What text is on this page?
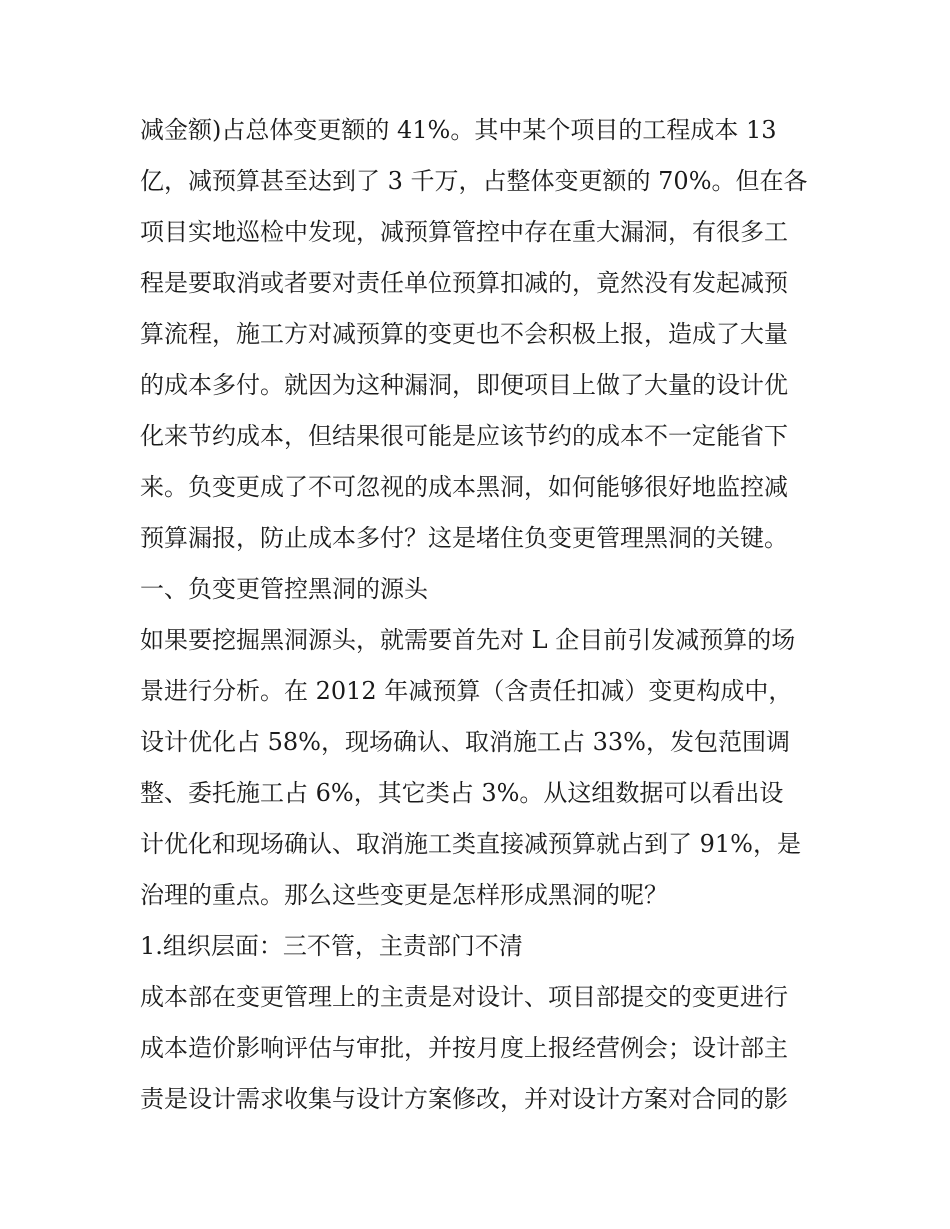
减金额)占总体变更额的 41%。其中某个项目的工程成本 13
亿，减预算甚至达到了 3 千万，占整体变更额的 70%。但在各
项目实地巡检中发现，减预算管控中存在重大漏洞，有很多工
程是要取消或者要对责任单位预算扣减的，竟然没有发起减预
算流程，施工方对减预算的变更也不会积极上报，造成了大量
的成本多付。就因为这种漏洞，即便项目上做了大量的设计优
化来节约成本，但结果很可能是应该节约的成本不一定能省下
来。负变更成了不可忽视的成本黑洞，如何能够很好地监控减
预算漏报，防止成本多付？这是堵住负变更管理黑洞的关键。
一、负变更管控黑洞的源头
如果要挖掘黑洞源头，就需要首先对 L 企目前引发减预算的场
景进行分析。在 2012 年减预算（含责任扣减）变更构成中，
设计优化占 58%，现场确认、取消施工占 33%，发包范围调
整、委托施工占 6%，其它类占 3%。从这组数据可以看出设
计优化和现场确认、取消施工类直接减预算就占到了 91%，是
治理的重点。那么这些变更是怎样形成黑洞的呢？
1.组织层面：三不管，主责部门不清
成本部在变更管理上的主责是对设计、项目部提交的变更进行
成本造价影响评估与审批，并按月度上报经营例会；设计部主
责是设计需求收集与设计方案修改，并对设计方案对合同的影
